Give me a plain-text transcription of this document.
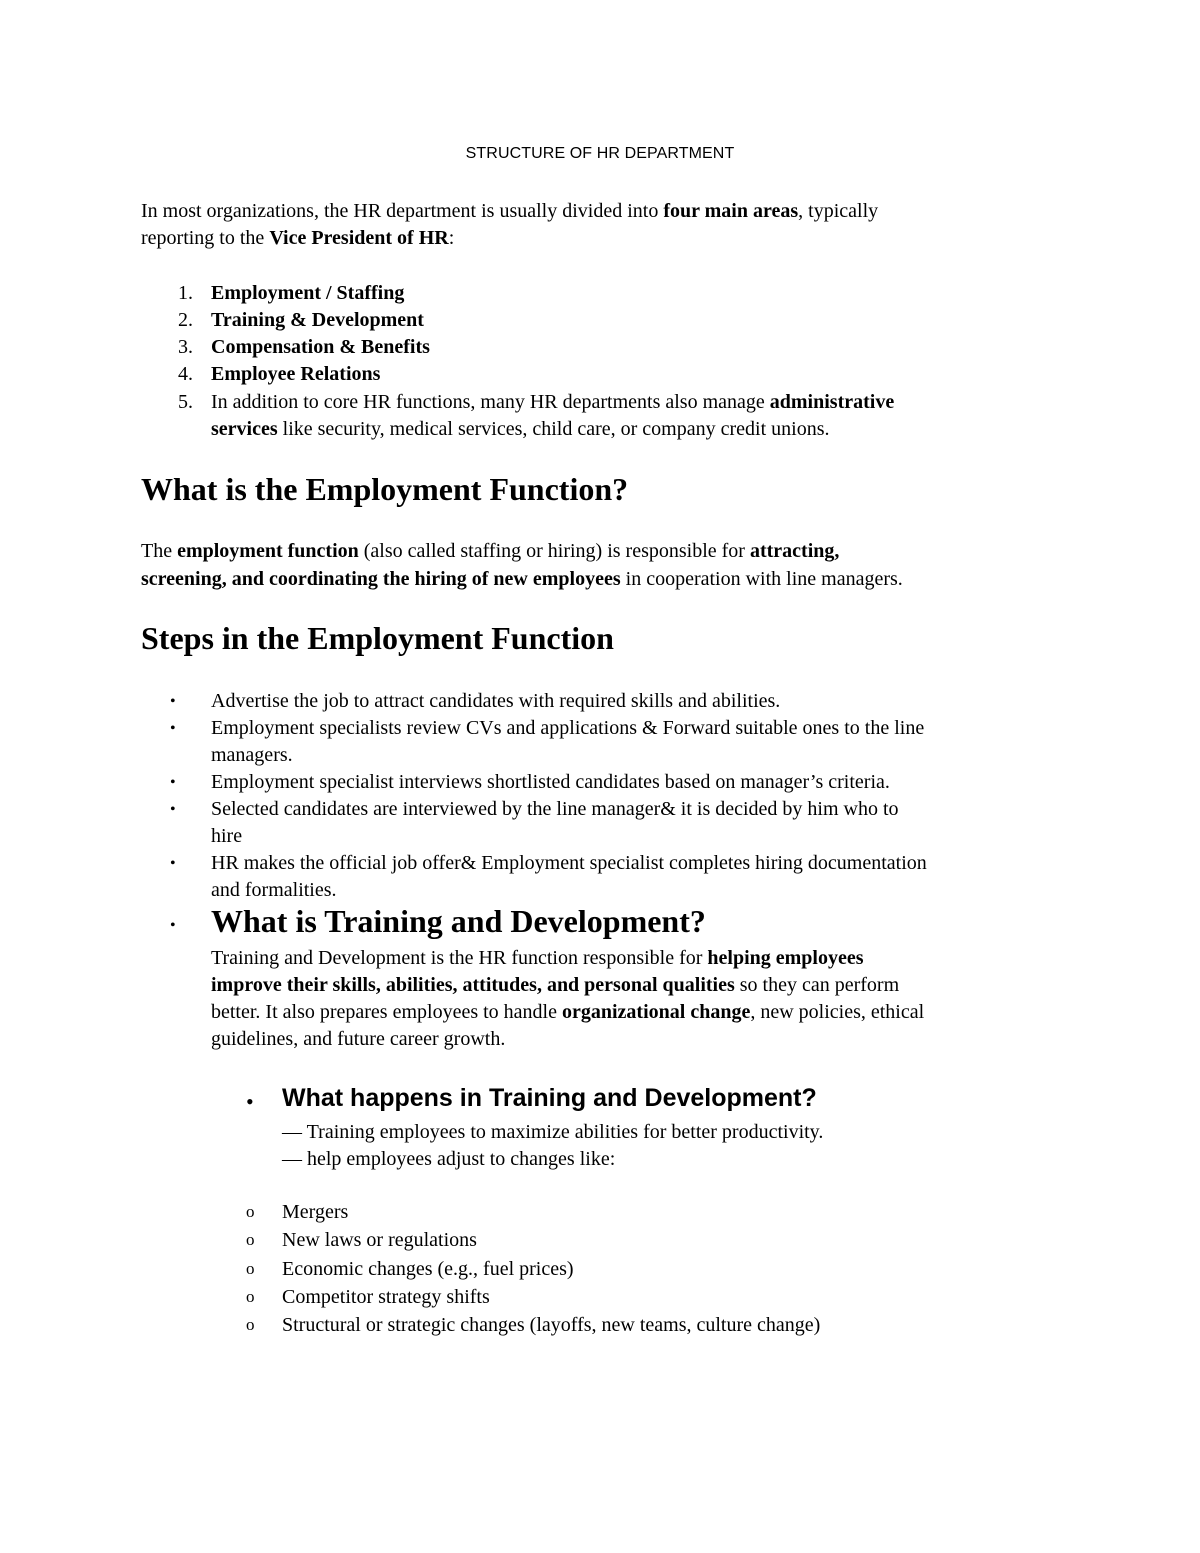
STRUCTURE OF HR DEPARTMENT
In most organizations, the HR department is usually divided into four main areas, typically
reporting to the Vice President of HR:
1. Employment / Staffing
2. Training & Development
3. Compensation & Benefits
4. Employee Relations
5. In addition to core HR functions, many HR departments also manage administrative
services like security, medical services, child care, or company credit unions.
What is the Employment Function?
The employment function (also called staffing or hiring) is responsible for attracting,
screening, and coordinating the hiring of new employees in cooperation with line managers.
Steps in the Employment Function
• Advertise the job to attract candidates with required skills and abilities.
• Employment specialists review CVs and applications & Forward suitable ones to the line
managers.
• Employment specialist interviews shortlisted candidates based on manager’s criteria.
• Selected candidates are interviewed by the line manager& it is decided by him who to
hire
• HR makes the official job offer& Employment specialist completes hiring documentation
and formalities.
• What is Training and Development?
Training and Development is the HR function responsible for helping employees
improve their skills, abilities, attitudes, and personal qualities so they can perform
better. It also prepares employees to handle organizational change, new policies, ethical
guidelines, and future career growth.
• What happens in Training and Development?
— Training employees to maximize abilities for better productivity.
— help employees adjust to changes like:
o Mergers
o New laws or regulations
o Economic changes (e.g., fuel prices)
o Competitor strategy shifts
o Structural or strategic changes (layoffs, new teams, culture change)
